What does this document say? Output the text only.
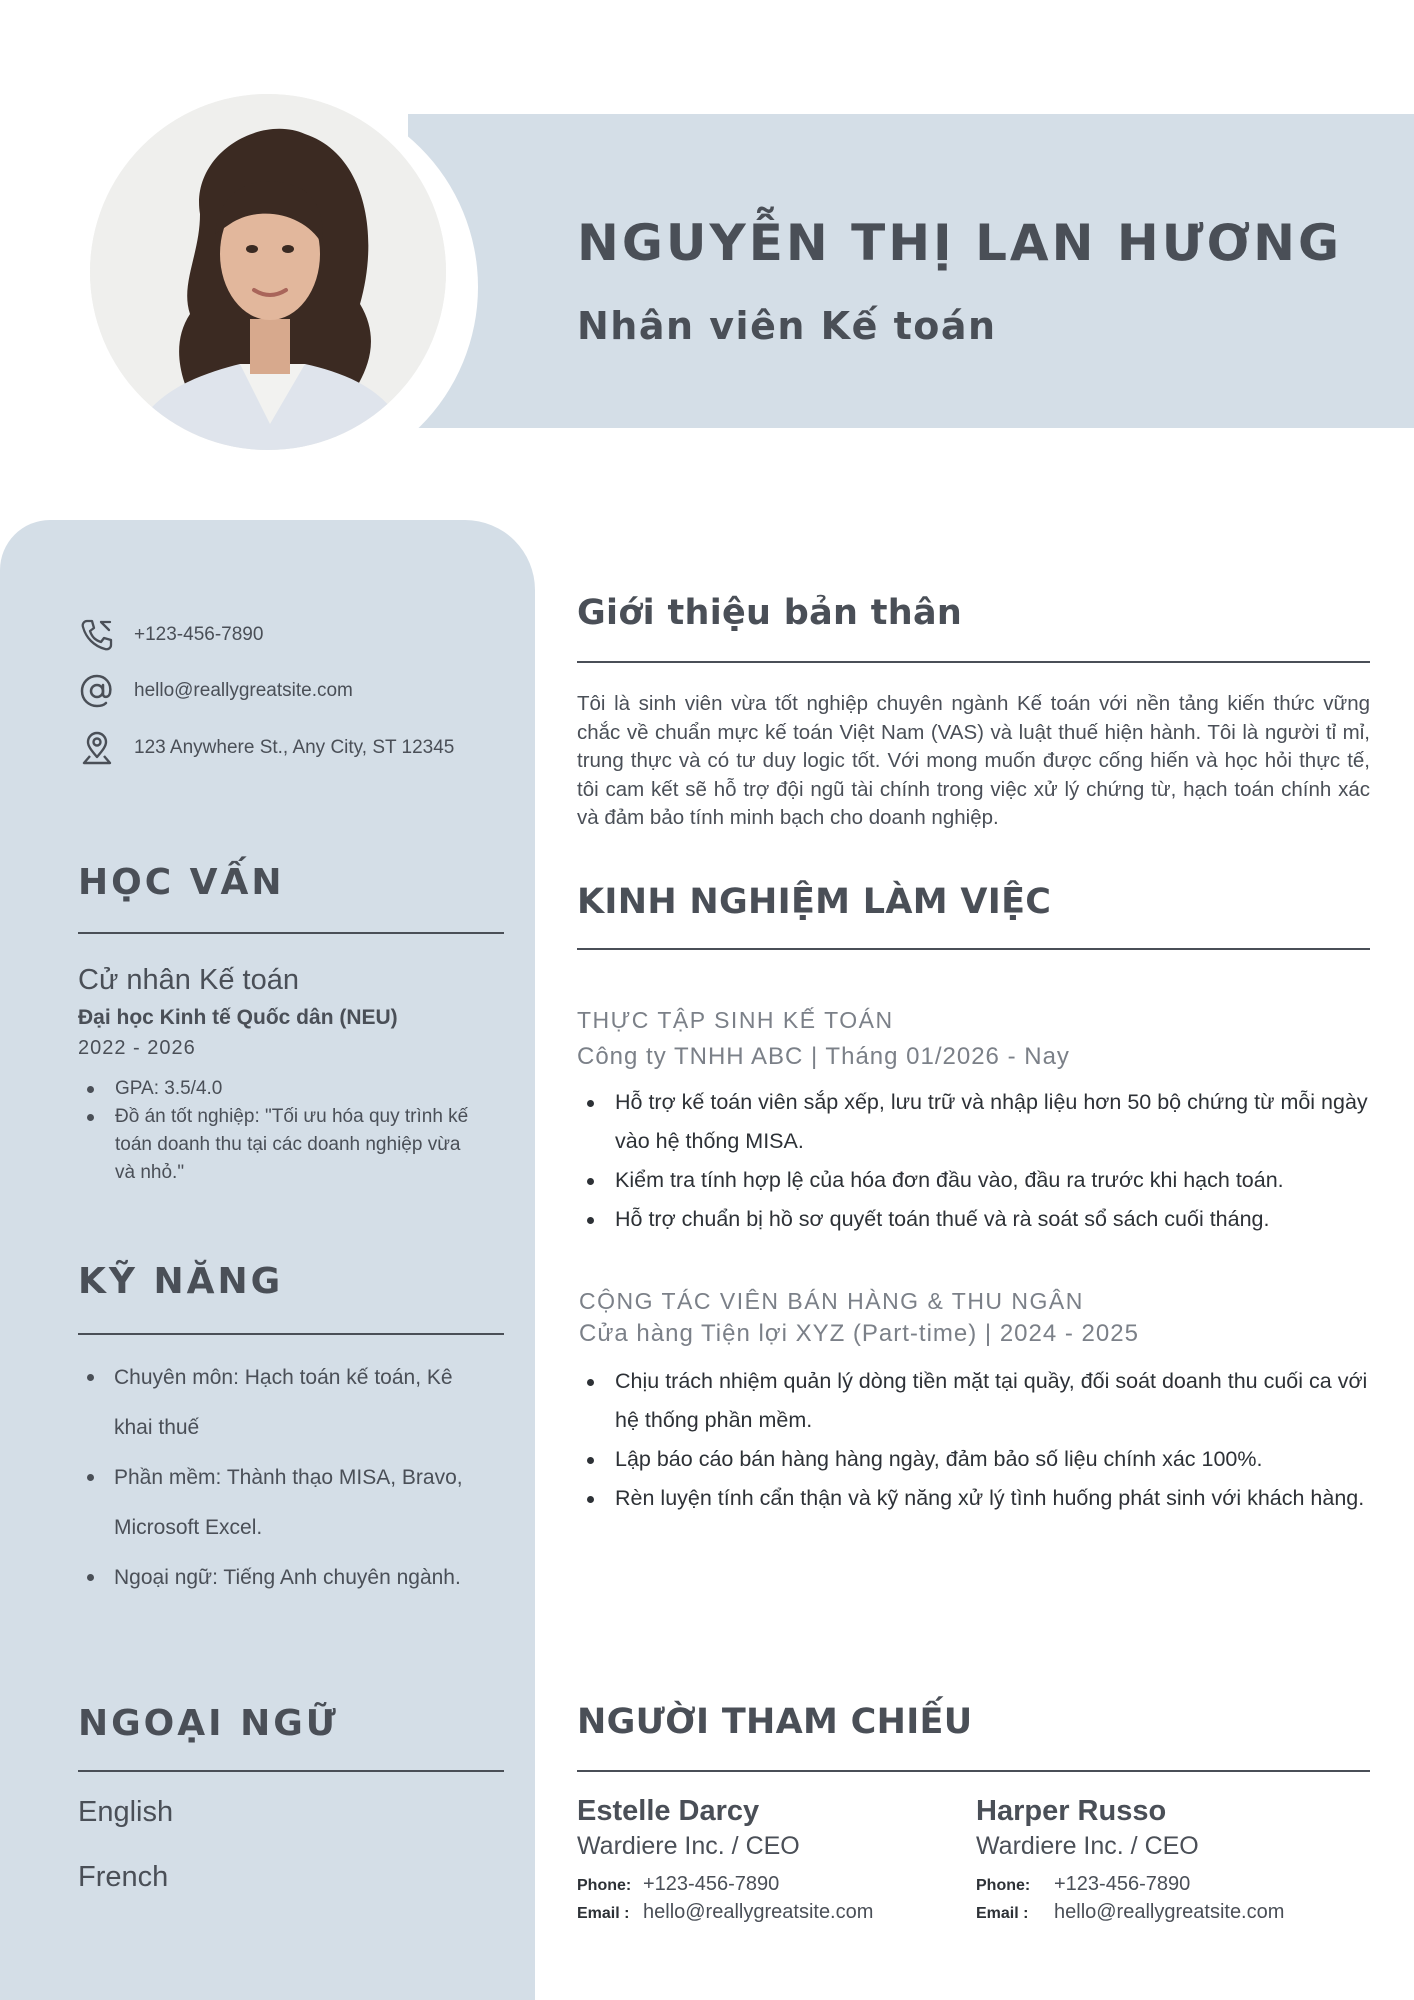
NGUYỄN THỊ LAN HƯƠNG
Nhân viên Kế toán
+123-456-7890
hello@reallygreatsite.com
123 Anywhere St., Any City, ST 12345
HỌC VẤN
Cử nhân Kế toán
Đại học Kinh tế Quốc dân (NEU)
2022 - 2026
GPA: 3.5/4.0
Đồ án tốt nghiệp: "Tối ưu hóa quy trình kế toán doanh thu tại các doanh nghiệp vừa và nhỏ."
KỸ NĂNG
Chuyên môn: Hạch toán kế toán, Kê khai thuế
Phần mềm: Thành thạo MISA, Bravo, Microsoft Excel.
Ngoại ngữ: Tiếng Anh chuyên ngành.
NGOẠI NGỮ
English
French
Giới thiệu bản thân
Tôi là sinh viên vừa tốt nghiệp chuyên ngành Kế toán với nền tảng kiến thức vững chắc về chuẩn mực kế toán Việt Nam (VAS) và luật thuế hiện hành. Tôi là người tỉ mỉ, trung thực và có tư duy logic tốt. Với mong muốn được cống hiến và học hỏi thực tế, tôi cam kết sẽ hỗ trợ đội ngũ tài chính trong việc xử lý chứng từ, hạch toán chính xác và đảm bảo tính minh bạch cho doanh nghiệp.
KINH NGHIỆM LÀM VIỆC
THỰC TẬP SINH KẾ TOÁN
Công ty TNHH ABC | Tháng 01/2026 - Nay
Hỗ trợ kế toán viên sắp xếp, lưu trữ và nhập liệu hơn 50 bộ chứng từ mỗi ngày vào hệ thống MISA.
Kiểm tra tính hợp lệ của hóa đơn đầu vào, đầu ra trước khi hạch toán.
Hỗ trợ chuẩn bị hồ sơ quyết toán thuế và rà soát sổ sách cuối tháng.
CỘNG TÁC VIÊN BÁN HÀNG & THU NGÂN
Cửa hàng Tiện lợi XYZ (Part-time) | 2024 - 2025
Chịu trách nhiệm quản lý dòng tiền mặt tại quầy, đối soát doanh thu cuối ca với hệ thống phần mềm.
Lập báo cáo bán hàng hàng ngày, đảm bảo số liệu chính xác 100%.
Rèn luyện tính cẩn thận và kỹ năng xử lý tình huống phát sinh với khách hàng.
NGƯỜI THAM CHIẾU
Estelle Darcy
Wardiere Inc. / CEO
Phone: +123-456-7890
Email : hello@reallygreatsite.com
Harper Russo
Wardiere Inc. / CEO
Phone:	+123-456-7890
Email :	hello@reallygreatsite.com
